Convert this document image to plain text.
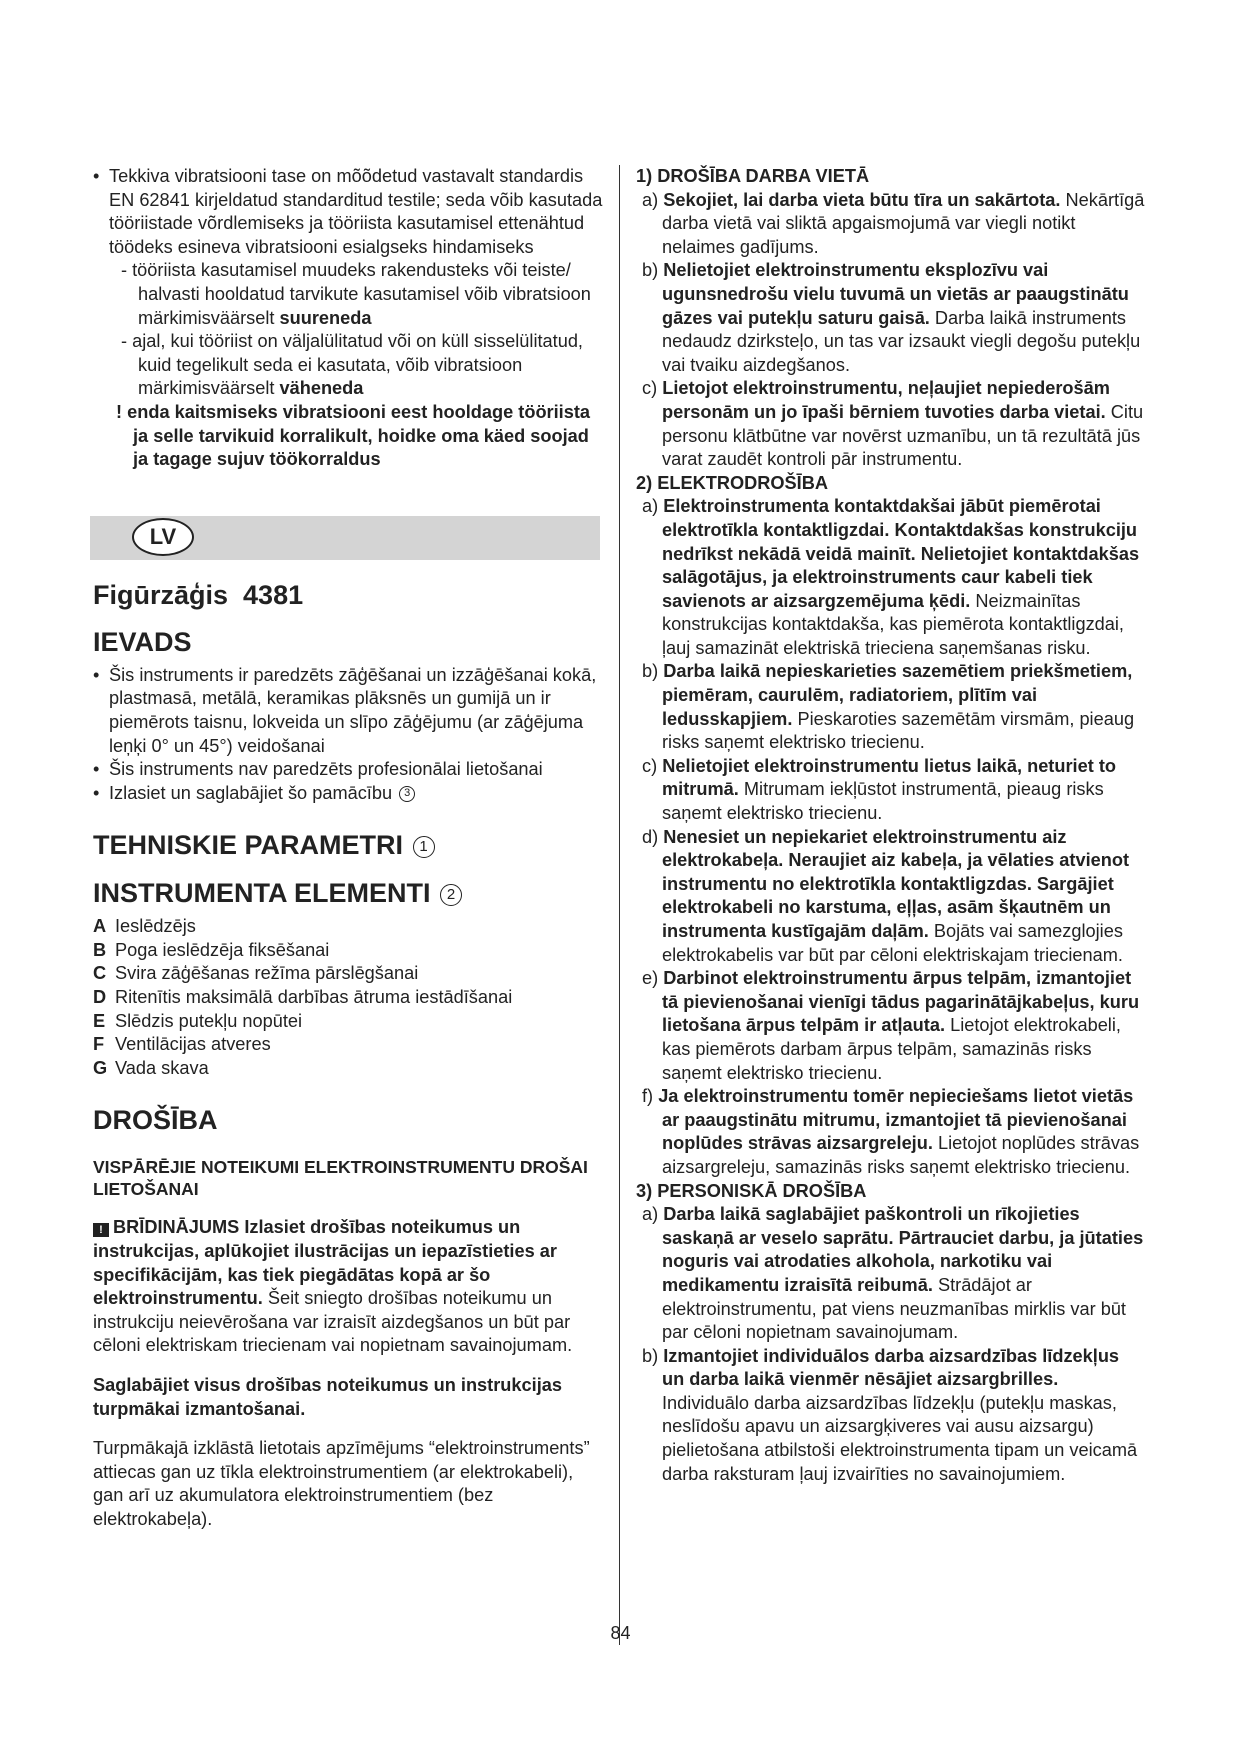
• Tekkiva vibratsiooni tase on mõõdetud vastavalt standardis EN 62841 kirjeldatud standarditud testile; seda võib kasutada tööriistade võrdlemiseks ja tööriista kasutamisel ettenähtud töödeks esineva vibratsiooni esialgseks hindamiseks
- tööriista kasutamisel muudeks rakendusteks või teiste/ halvasti hooldatud tarvikute kasutamisel võib vibratsioon märkimisväärselt suureneda
- ajal, kui tööriist on väljalülitatud või on küll sisselülitatud, kuid tegelikult seda ei kasutata, võib vibratsioon märkimisväärselt väheneda
! enda kaitsmiseks vibratsiooni eest hooldage tööriista ja selle tarvikuid korralikult, hoidke oma käed soojad ja tagage sujuv töökorraldus
LV
Figūrzāģis 4381
IEVADS
• Šis instruments ir paredzēts zāģēšanai un izzāģēšanai kokā, plastmasā, metālā, keramikas plāksnēs un gumijā un ir piemērots taisnu, lokveida un slīpo zāģējumu (ar zāģējuma leņķi 0° un 45°) veidošanai
• Šis instruments nav paredzēts profesionālai lietošanai
• Izlasiet un saglabājiet šo pamācību 3
TEHNISKIE PARAMETRI 1
INSTRUMENTA ELEMENTI 2
A Ieslēdzējs
B Poga ieslēdzēja fiksēšanai
C Svira zāģēšanas režīma pārslēgšanai
D Ritenītis maksimālā darbības ātruma iestādīšanai
E Slēdzis putekļu nopūtei
F Ventilācijas atveres
G Vada skava
DROŠĪBA
VISPĀRĒJIE NOTEIKUMI ELEKTROINSTRUMENTU DROŠAI LIETOŠANAI
! BRĪDINĀJUMS Izlasiet drošības noteikumus un instrukcijas, aplūkojiet ilustrācijas un iepazīstieties ar specifikācijām, kas tiek piegādātas kopā ar šo elektroinstrumentu. Šeit sniegto drošības noteikumu un instrukciju neievērošana var izraisīt aizdegšanos un būt par cēloni elektriskam triecienam vai nopietnam savainojumam.
Saglabājiet visus drošības noteikumus un instrukcijas turpmākai izmantošanai.
Turpmākajā izklāstā lietotais apzīmējums “elektroinstruments” attiecas gan uz tīkla elektroinstrumentiem (ar elektrokabeli), gan arī uz akumulatora elektroinstrumentiem (bez elektrokabeļa).
1) DROŠĪBA DARBA VIETĀ
a) Sekojiet, lai darba vieta būtu tīra un sakārtota. Nekārtīgā darba vietā vai sliktā apgaismojumā var viegli notikt nelaimes gadījums.
b) Nelietojiet elektroinstrumentu eksplozīvu vai ugunsnedrošu vielu tuvumā un vietās ar paaugstinātu gāzes vai putekļu saturu gaisā. Darba laikā instruments nedaudz dzirksteļo, un tas var izsaukt viegli degošu putekļu vai tvaiku aizdegšanos.
c) Lietojot elektroinstrumentu, neļaujiet nepiederošām personām un jo īpaši bērniem tuvoties darba vietai. Citu personu klātbūtne var novērst uzmanību, un tā rezultātā jūs varat zaudēt kontroli pār instrumentu.
2) ELEKTRODROŠĪBA
a) Elektroinstrumenta kontaktdakšai jābūt piemērotai elektrotīkla kontaktligzdai. Kontaktdakšas konstrukciju nedrīkst nekādā veidā mainīt. Nelietojiet kontaktdakšas salāgotājus, ja elektroinstruments caur kabeli tiek savienots ar aizsargzemējuma ķēdi. Neizmainītas konstrukcijas kontaktdakša, kas piemērota kontaktligzdai, ļauj samazināt elektriskā trieciena saņemšanas risku.
b) Darba laikā nepieskarieties sazemētiem priekšmetiem, piemēram, caurulēm, radiatoriem, plītīm vai ledusskapjiem. Pieskaroties sazemētām virsmām, pieaug risks saņemt elektrisko triecienu.
c) Nelietojiet elektroinstrumentu lietus laikā, neturiet to mitrumā. Mitrumam iekļūstot instrumentā, pieaug risks saņemt elektrisko triecienu.
d) Nenesiet un nepiekariet elektroinstrumentu aiz elektrokabeļa. Neraujiet aiz kabeļa, ja vēlaties atvienot instrumentu no elektrotīkla kontaktligzdas. Sargājiet elektrokabeli no karstuma, eļļas, asām šķautnēm un instrumenta kustīgajām daļām. Bojāts vai samezglojies elektrokabelis var būt par cēloni elektriskajam triecienam.
e) Darbinot elektroinstrumentu ārpus telpām, izmantojiet tā pievienošanai vienīgi tādus pagarinātājkabeļus, kuru lietošana ārpus telpām ir atļauta. Lietojot elektrokabeli, kas piemērots darbam ārpus telpām, samazinās risks saņemt elektrisko triecienu.
f) Ja elektroinstrumentu tomēr nepieciešams lietot vietās ar paaugstinātu mitrumu, izmantojiet tā pievienošanai noplūdes strāvas aizsargreleju. Lietojot noplūdes strāvas aizsargreleju, samazinās risks saņemt elektrisko triecienu.
3) PERSONISKĀ DROŠĪBA
a) Darba laikā saglabājiet paškontroli un rīkojieties saskaņā ar veselo saprātu. Pārtrauciet darbu, ja jūtaties noguris vai atrodaties alkohola, narkotiku vai medikamentu izraisītā reibumā. Strādājot ar elektroinstrumentu, pat viens neuzmanības mirklis var būt par cēloni nopietnam savainojumam.
b) Izmantojiet individuālos darba aizsardzības līdzekļus un darba laikā vienmēr nēsājiet aizsargbrilles. Individuālo darba aizsardzības līdzekļu (putekļu maskas, neslīdošu apavu un aizsargķiveres vai ausu aizsargu) pielietošana atbilstoši elektroinstrumenta tipam un veicamā darba raksturam ļauj izvairīties no savainojumiem.
84
